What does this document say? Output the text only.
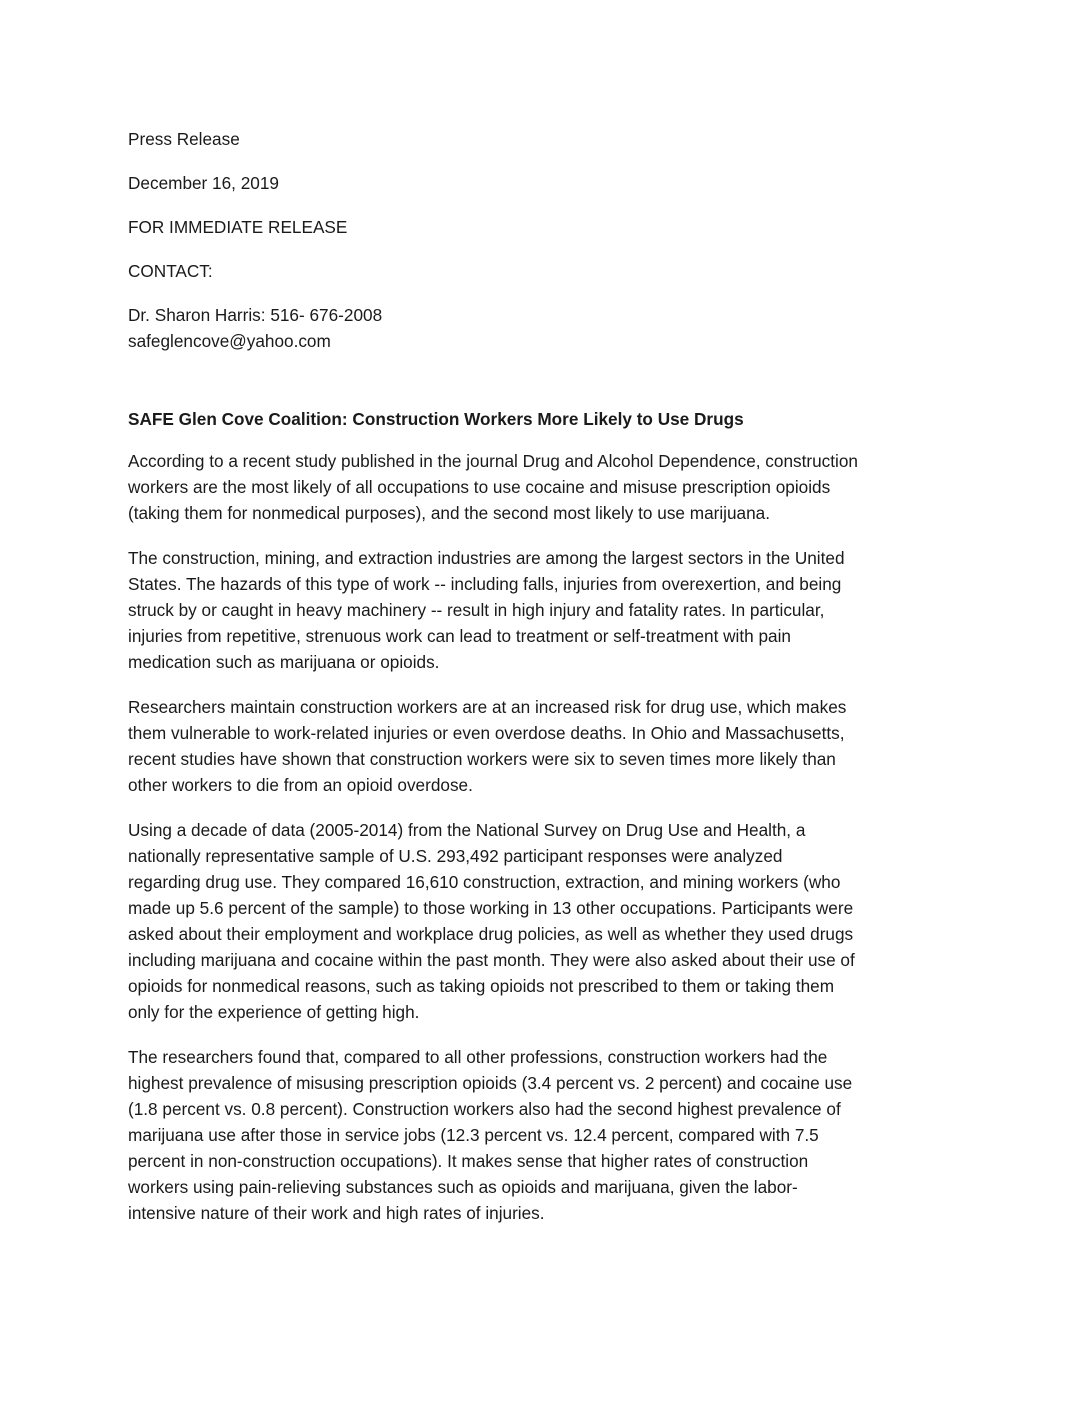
Press Release

December 16, 2019

FOR IMMEDIATE RELEASE

CONTACT:

Dr. Sharon Harris: 516- 676-2008

safeglencove@yahoo.com

SAFE Glen Cove Coalition: Construction Workers More Likely to Use Drugs

According to a recent study published in the journal Drug and Alcohol Dependence, construction
workers are the most likely of all occupations to use cocaine and misuse prescription opioids
(taking them for nonmedical purposes), and the second most likely to use marijuana.
The construction, mining, and extraction industries are among the largest sectors in the United
States. The hazards of this type of work -- including falls, injuries from overexertion, and being
struck by or caught in heavy machinery -- result in high injury and fatality rates. In particular,
injuries from repetitive, strenuous work can lead to treatment or self-treatment with pain
medication such as marijuana or opioids.
Researchers maintain construction workers are at an increased risk for drug use, which makes
them vulnerable to work-related injuries or even overdose deaths. In Ohio and Massachusetts,
recent studies have shown that construction workers were six to seven times more likely than
other workers to die from an opioid overdose.
Using a decade of data (2005-2014) from the National Survey on Drug Use and Health, a
nationally representative sample of U.S. 293,492 participant responses were analyzed
regarding drug use. They compared 16,610 construction, extraction, and mining workers (who
made up 5.6 percent of the sample) to those working in 13 other occupations. Participants were
asked about their employment and workplace drug policies, as well as whether they used drugs
including marijuana and cocaine within the past month. They were also asked about their use of
opioids for nonmedical reasons, such as taking opioids not prescribed to them or taking them
only for the experience of getting high.
The researchers found that, compared to all other professions, construction workers had the
highest prevalence of misusing prescription opioids (3.4 percent vs. 2 percent) and cocaine use
(1.8 percent vs. 0.8 percent). Construction workers also had the second highest prevalence of
marijuana use after those in service jobs (12.3 percent vs. 12.4 percent, compared with 7.5
percent in non-construction occupations). It makes sense that higher rates of construction
workers using pain-relieving substances such as opioids and marijuana, given the labor-
intensive nature of their work and high rates of injuries.
